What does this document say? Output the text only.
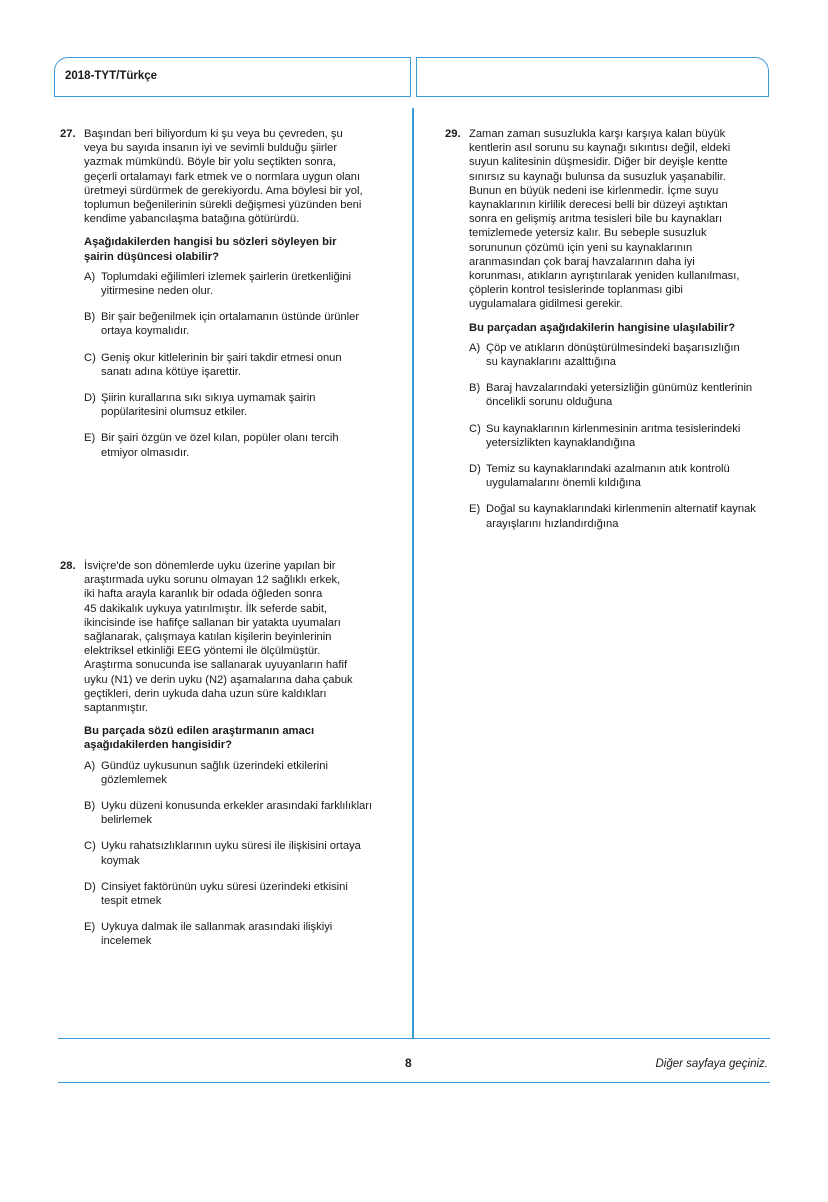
2018-TYT/Türkçe
27. Başından beri biliyordum ki şu veya bu çevreden, şu
veya bu sayıda insanın iyi ve sevimli bulduğu şiirler
yazmak mümkündü. Böyle bir yolu seçtikten sonra,
geçerli ortalamayı fark etmek ve o normlara uygun olanı
üretmeyi sürdürmek de gerekiyordu. Ama böylesi bir yol,
toplumun beğenilerinin sürekli değişmesi yüzünden beni
kendime yabancılaşma batağına götürürdü.
Aşağıdakilerden hangisi bu sözleri söyleyen bir
şairin düşüncesi olabilir?
A) Toplumdaki eğilimleri izlemek şairlerin üretkenliğini
yitirmesine neden olur.
B) Bir şair beğenilmek için ortalamanın üstünde ürünler
ortaya koymalıdır.
C) Geniş okur kitlelerinin bir şairi takdir etmesi onun
sanatı adına kötüye işarettir.
D) Şiirin kurallarına sıkı sıkıya uymamak şairin
popülaritesini olumsuz etkiler.
E) Bir şairi özgün ve özel kılan, popüler olanı tercih
etmiyor olmasıdır.
28. İsviçre'de son dönemlerde uyku üzerine yapılan bir
araştırmada uyku sorunu olmayan 12 sağlıklı erkek,
iki hafta arayla karanlık bir odada öğleden sonra
45 dakikalık uykuya yatırılmıştır. İlk seferde sabit,
ikincisinde ise hafifçe sallanan bir yatakta uyumaları
sağlanarak, çalışmaya katılan kişilerin beyinlerinin
elektriksel etkinliği EEG yöntemi ile ölçülmüştür.
Araştırma sonucunda ise sallanarak uyuyanların hafif
uyku (N1) ve derin uyku (N2) aşamalarına daha çabuk
geçtikleri, derin uykuda daha uzun süre kaldıkları
saptanmıştır.
Bu parçada sözü edilen araştırmanın amacı
aşağıdakilerden hangisidir?
A) Gündüz uykusunun sağlık üzerindeki etkilerini
gözlemlemek
B) Uyku düzeni konusunda erkekler arasındaki farklılıkları
belirlemek
C) Uyku rahatsızlıklarının uyku süresi ile ilişkisini ortaya
koymak
D) Cinsiyet faktörünün uyku süresi üzerindeki etkisini
tespit etmek
E) Uykuya dalmak ile sallanmak arasındaki ilişkiyi
incelemek
29. Zaman zaman susuzlukla karşı karşıya kalan büyük
kentlerin asıl sorunu su kaynağı sıkıntısı değil, eldeki
suyun kalitesinin düşmesidir. Diğer bir deyişle kentte
sınırsız su kaynağı bulunsa da susuzluk yaşanabilir.
Bunun en büyük nedeni ise kirlenmedir. İçme suyu
kaynaklarının kirlilik derecesi belli bir düzeyi aştıktan
sonra en gelişmiş arıtma tesisleri bile bu kaynakları
temizlemede yetersiz kalır. Bu sebeple susuzluk
sorununun çözümü için yeni su kaynaklarının
aranmasından çok baraj havzalarının daha iyi
korunması, atıkların ayrıştırılarak yeniden kullanılması,
çöplerin kontrol tesislerinde toplanması gibi
uygulamalara gidilmesi gerekir.
Bu parçadan aşağıdakilerin hangisine ulaşılabilir?
A) Çöp ve atıkların dönüştürülmesindeki başarısızlığın
su kaynaklarını azalttığına
B) Baraj havzalarındaki yetersizliğin günümüz kentlerinin
öncelikli sorunu olduğuna
C) Su kaynaklarının kirlenmesinin arıtma tesislerindeki
yetersizlikten kaynaklandığına
D) Temiz su kaynaklarındaki azalmanın atık kontrolü
uygulamalarını önemli kıldığına
E) Doğal su kaynaklarındaki kirlenmenin alternatif kaynak
arayışlarını hızlandırdığına
8	Diğer sayfaya geçiniz.
